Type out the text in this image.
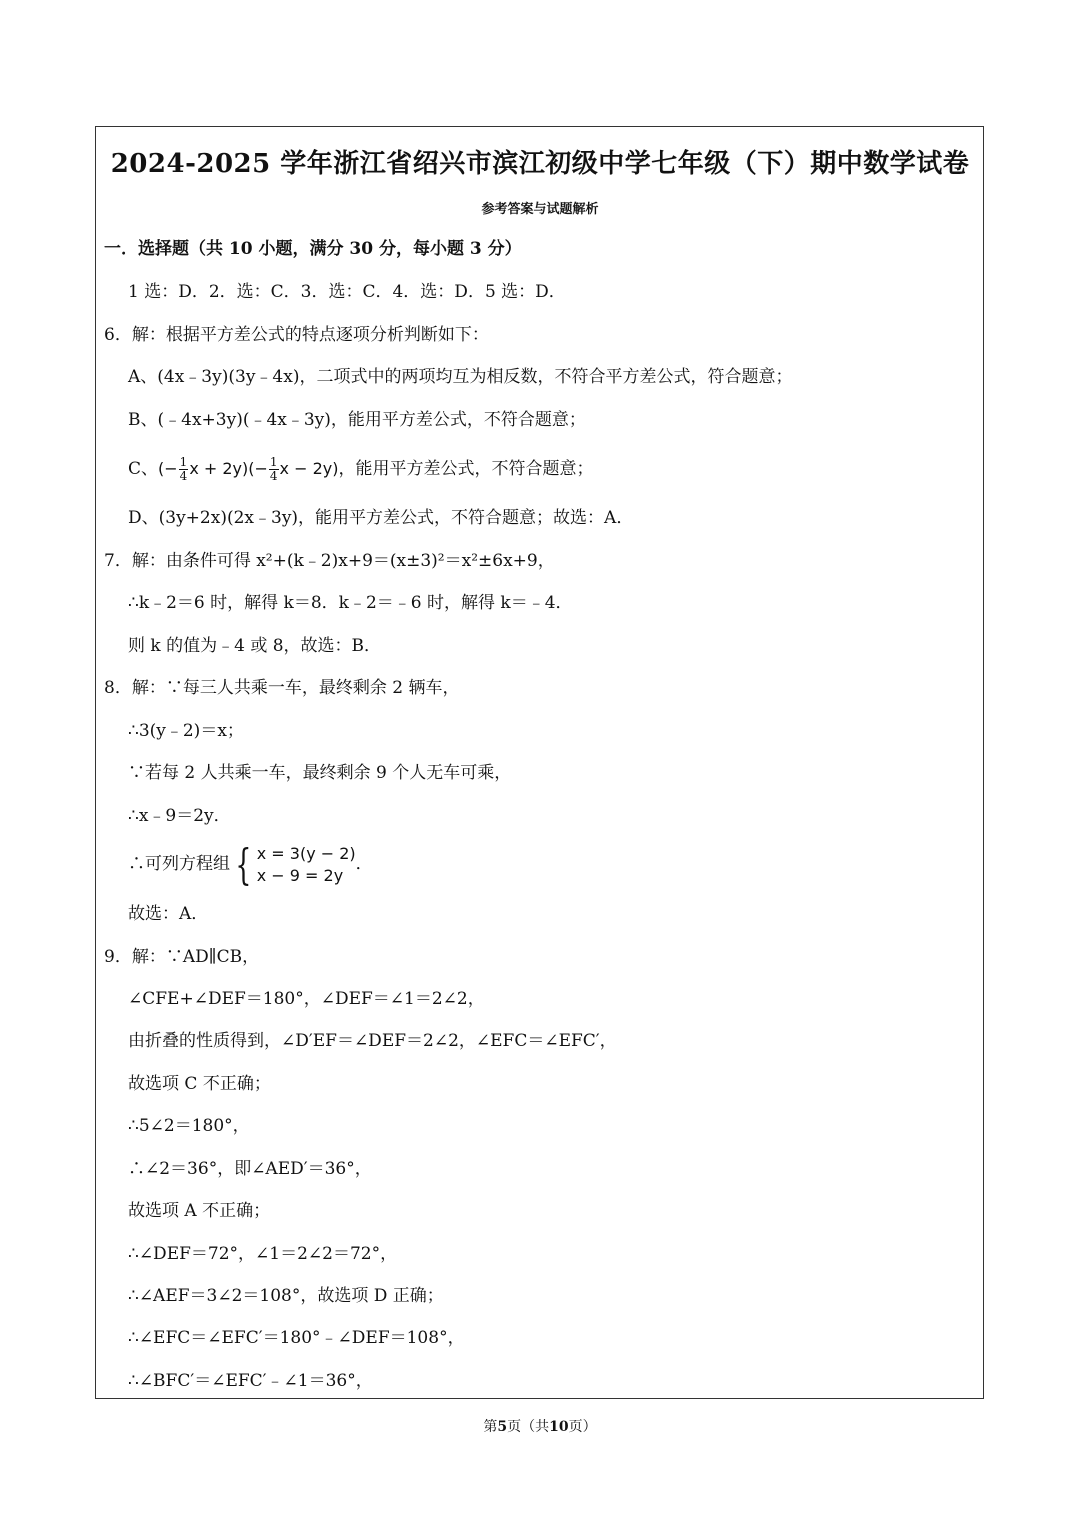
2024-2025 学年浙江省绍兴市滨江初级中学七年级（下）期中数学试卷
参考答案与试题解析
一．选择题（共 10 小题，满分 30 分，每小题 3 分）
1 选：D．2．选：C．3．选：C．4．选：D．5 选：D．
6．解：根据平方差公式的特点逐项分析判断如下：
A、(4x﹣3y)(3y﹣4x)，二项式中的两项均互为相反数，不符合平方差公式，符合题意；
B、(﹣4x+3y)(﹣4x﹣3y)，能用平方差公式，不符合题意；
C、(− $\frac{1}{4}$ $x + 2y)(- \frac{1}{4}$ x − 2y)，能用平方差公式，不符合题意；
D、(3y+2x)(2x﹣3y)，能用平方差公式，不符合题意；故选：A．
7．解：由条件可得 x²+(k﹣2)x+9＝(x±3)²＝x²±6x+9，
∴k﹣2＝6 时，解得 k＝8．k﹣2＝﹣6 时，解得 k＝﹣4．
则 k 的值为﹣4 或 8，故选：B．
8．解：∵每三人共乘一车，最终剩余 2 辆车，
∴3(y﹣2)＝x；
∵若每 2 人共乘一车，最终剩余 9 个人无车可乘，
∴x﹣9＝2y．
∴可列方程组 { x = 3(y − 2)
x − 9 = 2y
．
故选：A．
9．解：∵AD∥CB，
∠CFE+∠DEF＝180°，∠DEF＝∠1＝2∠2，
由折叠的性质得到，∠D′EF＝∠DEF＝2∠2，∠EFC＝∠EFC′，
故选项 C 不正确；
∴5∠2＝180°，
∴∠2＝36°，即∠AED′＝36°，
故选项 A 不正确；
∴∠DEF＝72°，∠1＝2∠2＝72°，
∴∠AEF＝3∠2＝108°，故选项 D 正确；
∴∠EFC＝∠EFC′＝180°﹣∠DEF＝108°，
∴∠BFC′＝∠EFC′﹣∠1＝36°，
第5页（共10页）
